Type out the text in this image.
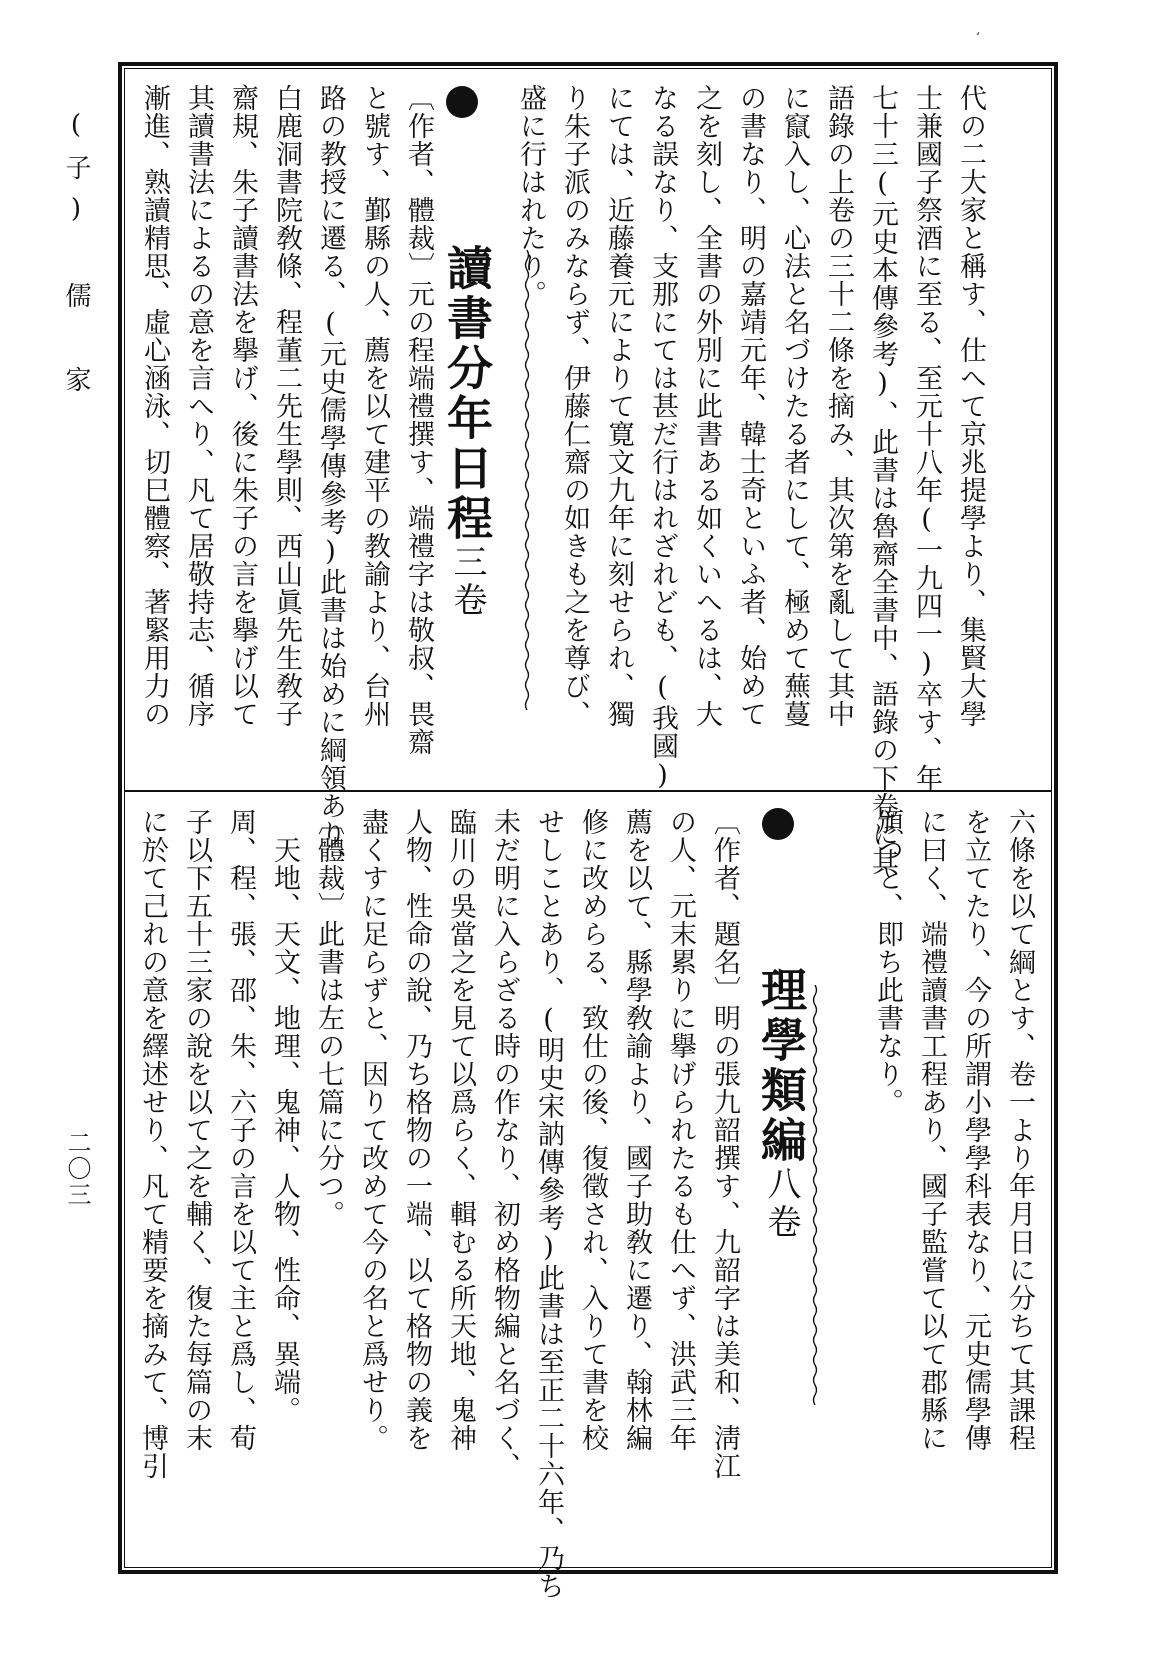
ʻ
(子) 儒 家
二〇三
代の二大家と稱す、仕へて京兆提學より、集賢大學
士兼國子祭酒に至る、至元十八年(一九四一)卒す、年
七十三(元史本傳參考)、此書は魯齋全書中、語錄の下卷に其
語錄の上卷の三十二條を摘み、其次第を亂して其中
に竄入し、心法と名づけたる者にして、極めて蕪蔓
の書なり、明の嘉靖元年、韓士奇といふ者、始めて
之を刻し、全書の外別に此書ある如くいへるは、大
なる誤なり、支那にては甚だ行はれざれども、(我國)
にては、近藤養元によりて寛文九年に刻せられ、獨
り朱子派のみならず、伊藤仁齋の如きも之を尊び、
盛に行はれたり。

讀書分年日程三卷

〔作者、體裁〕元の程端禮撰す、端禮字は敬叔、畏齋
と號す、鄞縣の人、薦を以て建平の教諭より、台州
路の教授に遷る、(元史儒學傳參考)此書は始めに綱領あり、
白鹿洞書院敎條、程董二先生學則、西山眞先生敎子
齋規、朱子讀書法を擧げ、後に朱子の言を擧げ以て
其讀書法によるの意を言へり、凡て居敬持志、循序
漸進、熟讀精思、虛心涵泳、切巳體察、著緊用力の
六條を以て綱とす、卷一より年月日に分ちて其課程
を立てたり、今の所謂小學學科表なり、元史儒學傳
に曰く、端禮讀書工程あり、國子監嘗て以て郡縣に
頒つと、即ち此書なり。

理學類編八卷

〔作者、題名〕明の張九韶撰す、九韶字は美和、淸江
の人、元末累りに擧げられたるも仕へず、洪武三年
薦を以て、縣學敎諭より、國子助敎に遷り、翰林編
修に改めらる、致仕の後、復徵され、入りて書を校
せしことあり、(明史宋訥傳參考)此書は至正二十六年、乃ち
未だ明に入らざる時の作なり、初め格物編と名づく、
臨川の吳當之を見て以爲らく、輯むる所天地、鬼神
人物、性命の說、乃ち格物の一端、以て格物の義を
盡くすに足らずと、因りて改めて今の名と爲せり。
〔體裁〕此書は左の七篇に分つ。
　天地、天文、地理、鬼神、人物、性命、異端。
周、程、張、邵、朱、六子の言を以て主と爲し、荀
子以下五十三家の說を以て之を輔く、復た每篇の末
に於て己れの意を繹述せり、凡て精要を摘みて、博引
